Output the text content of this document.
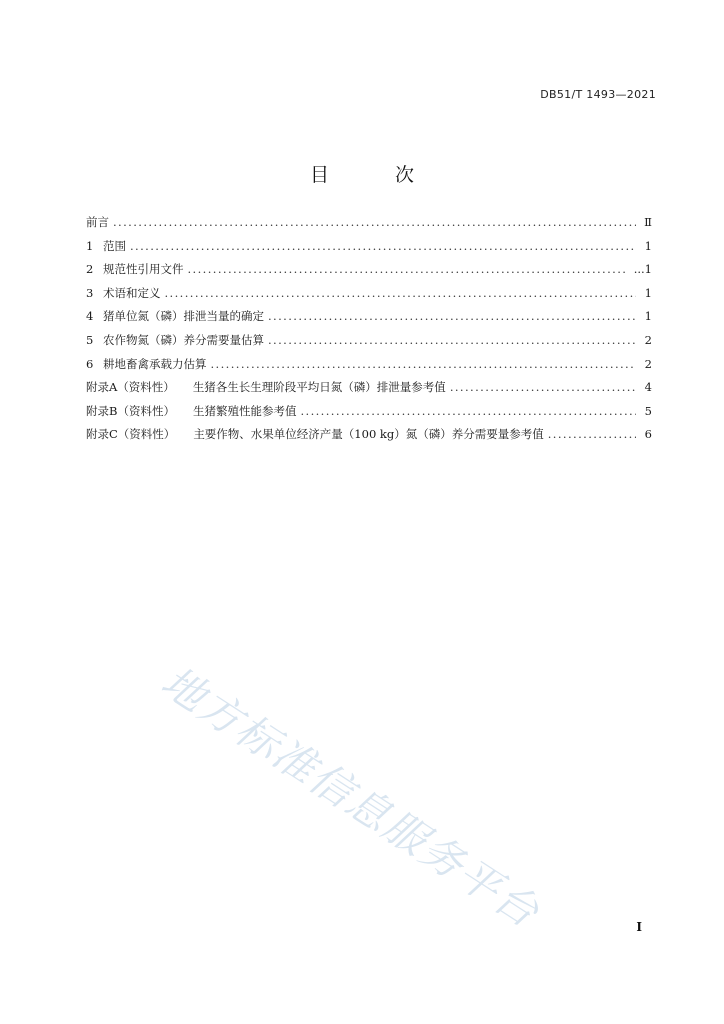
DB51/T 1493—2021
目 次
前言 .....	Ⅱ
1 范围 .....	1
2 规范性引用文件 .....	...1
3 术语和定义 .....	1
4 猪单位氮（磷）排泄当量的确定 .....	1
5 农作物氮（磷）养分需要量估算 .....	2
6 耕地畜禽承载力估算 .....	2
附录A（资料性） 生猪各生长生理阶段平均日氮（磷）排泄量参考值 .....	4
附录B（资料性） 生猪繁殖性能参考值 .....	5
附录C（资料性） 主要作物、水果单位经济产量（100 kg）氮（磷）养分需要量参考值 .....	6
地方标准信息服务平台	I
